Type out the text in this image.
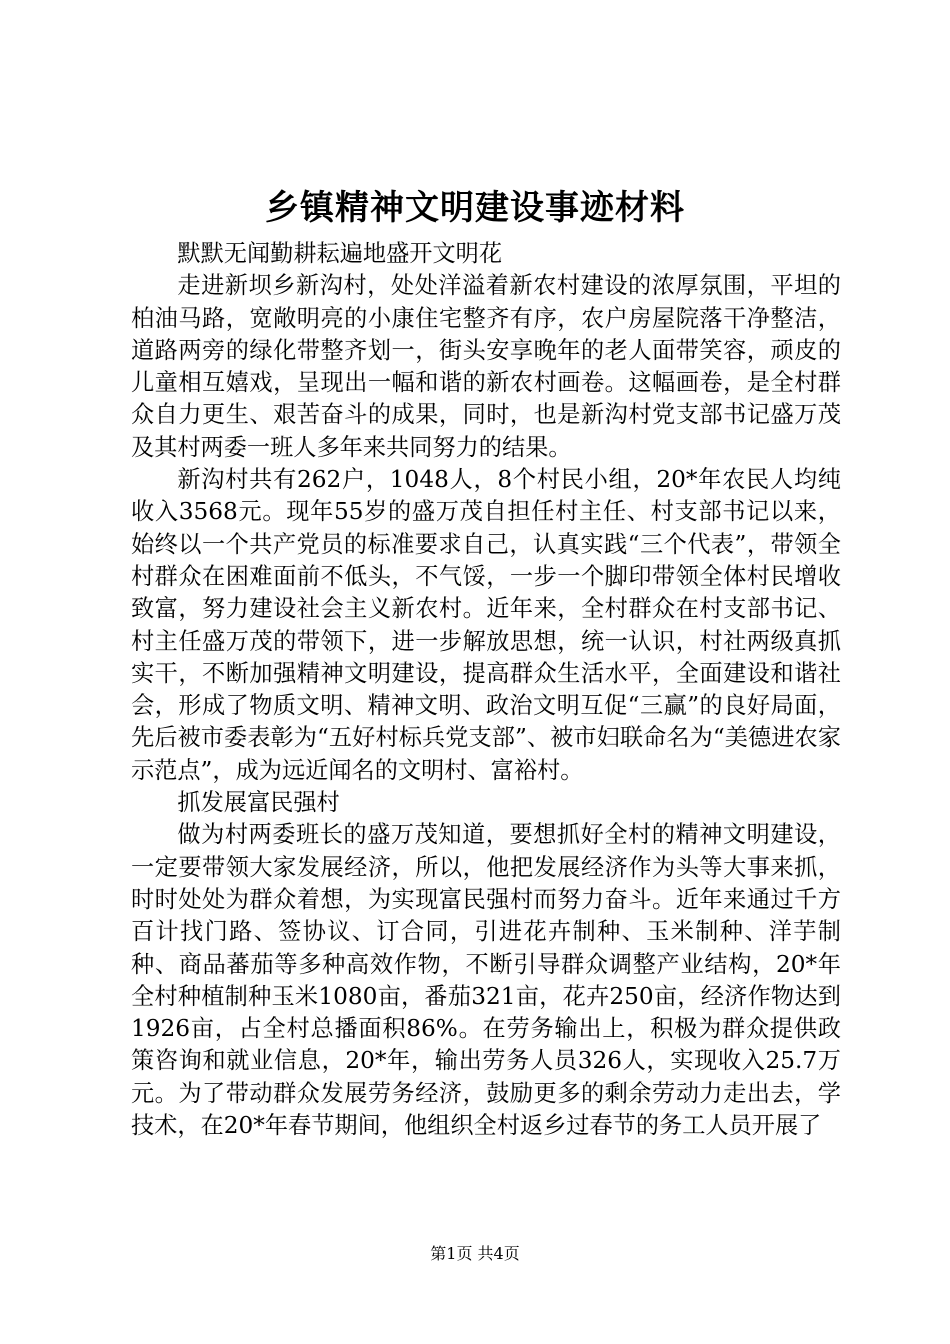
乡镇精神文明建设事迹材料

默默无闻勤耕耘遍地盛开文明花

走进新坝乡新沟村，处处洋溢着新农村建设的浓厚氛围，平坦的柏油马路，宽敞明亮的小康住宅整齐有序，农户房屋院落干净整洁，道路两旁的绿化带整齐划一，街头安享晚年的老人面带笑容，顽皮的儿童相互嬉戏，呈现出一幅和谐的新农村画卷。这幅画卷，是全村群众自力更生、艰苦奋斗的成果，同时，也是新沟村党支部书记盛万茂及其村两委一班人多年来共同努力的结果。

新沟村共有262户，1048人，8个村民小组，20*年农民人均纯收入3568元。现年55岁的盛万茂自担任村主任、村支部书记以来，始终以一个共产党员的标准要求自己，认真实践“三个代表”，带领全村群众在困难面前不低头，不气馁，一步一个脚印带领全体村民增收致富，努力建设社会主义新农村。近年来，全村群众在村支部书记、村主任盛万茂的带领下，进一步解放思想，统一认识，村社两级真抓实干，不断加强精神文明建设，提高群众生活水平，全面建设和谐社会，形成了物质文明、精神文明、政治文明互促“三赢”的良好局面，先后被市委表彰为“五好村标兵党支部”、被市妇联命名为“美德进农家示范点”，成为远近闻名的文明村、富裕村。

抓发展富民强村

做为村两委班长的盛万茂知道，要想抓好全村的精神文明建设，一定要带领大家发展经济，所以，他把发展经济作为头等大事来抓，时时处处为群众着想，为实现富民强村而努力奋斗。近年来通过千方百计找门路、签协议、订合同，引进花卉制种、玉米制种、洋芋制种、商品蕃茄等多种高效作物，不断引导群众调整产业结构，20*年全村种植制种玉米1080亩，番茄321亩，花卉250亩，经济作物达到1926亩，占全村总播面积86%。在劳务输出上，积极为群众提供政策咨询和就业信息，20*年，输出劳务人员326人，实现收入25.7万元。为了带动群众发展劳务经济，鼓励更多的剩余劳动力走出去，学技术，在20*年春节期间，他组织全村返乡过春节的务工人员开展了

第1页 共4页
